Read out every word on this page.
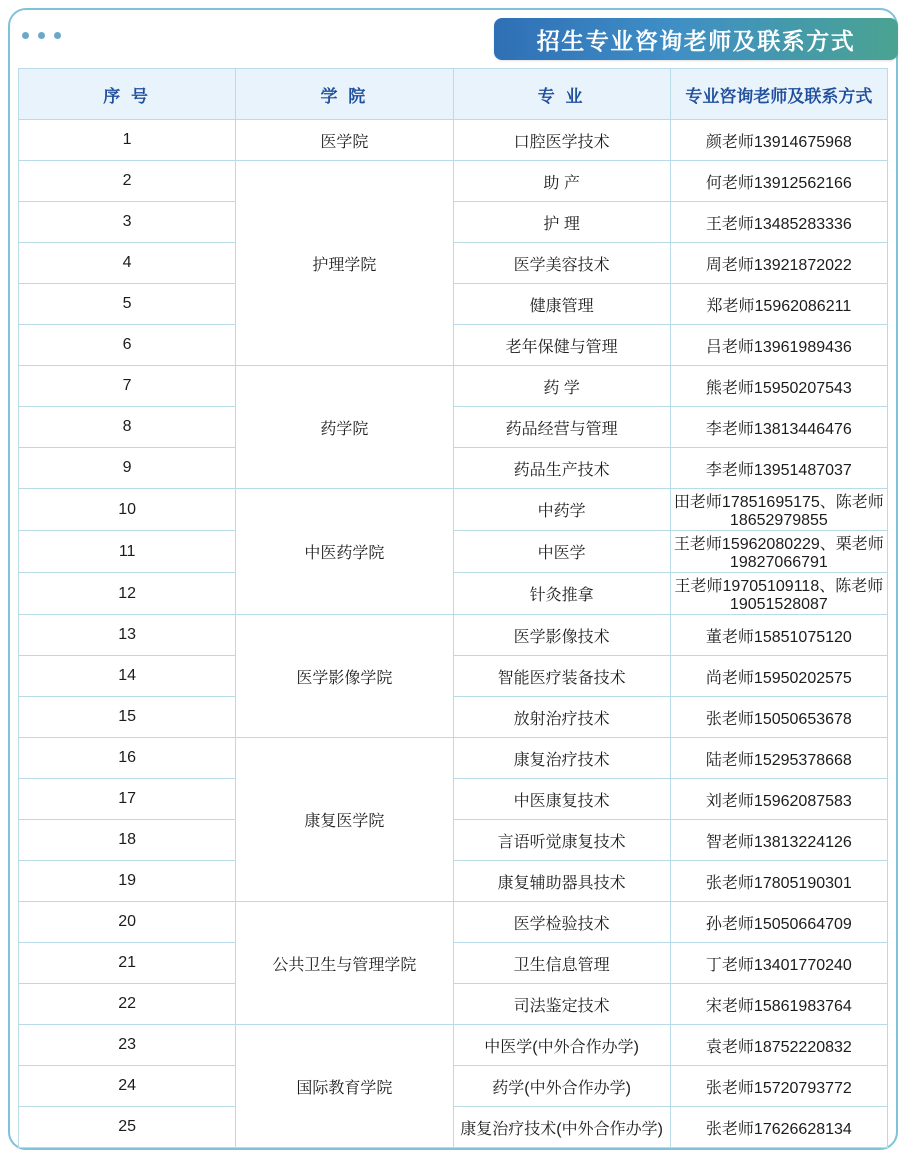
招生专业咨询老师及联系方式
序 号	学 院	专 业	专业咨询老师及联系方式
1	医学院	口腔医学技术	颜老师13914675968
2	护理学院	助 产	何老师13912562166
3		护 理	王老师13485283336
4		医学美容技术	周老师13921872022
5		健康管理	郑老师15962086211
6		老年保健与管理	吕老师13961989436
7	药学院	药 学	熊老师15950207543
8		药品经营与管理	李老师13813446476
9		药品生产技术	李老师13951487037
10	中医药学院	中药学	田老师17851695175、陈老师18652979855
11		中医学	王老师15962080229、栗老师19827066791
12		针灸推拿	王老师19705109118、陈老师19051528087
13	医学影像学院	医学影像技术	董老师15851075120
14		智能医疗装备技术	尚老师15950202575
15		放射治疗技术	张老师15050653678
16	康复医学院	康复治疗技术	陆老师15295378668
17		中医康复技术	刘老师15962087583
18		言语听觉康复技术	智老师13813224126
19		康复辅助器具技术	张老师17805190301
20	公共卫生与管理学院	医学检验技术	孙老师15050664709
21		卫生信息管理	丁老师13401770240
22		司法鉴定技术	宋老师15861983764
23	国际教育学院	中医学(中外合作办学)	袁老师18752220832
24		药学(中外合作办学)	张老师15720793772
25		康复治疗技术(中外合作办学)	张老师17626628134
